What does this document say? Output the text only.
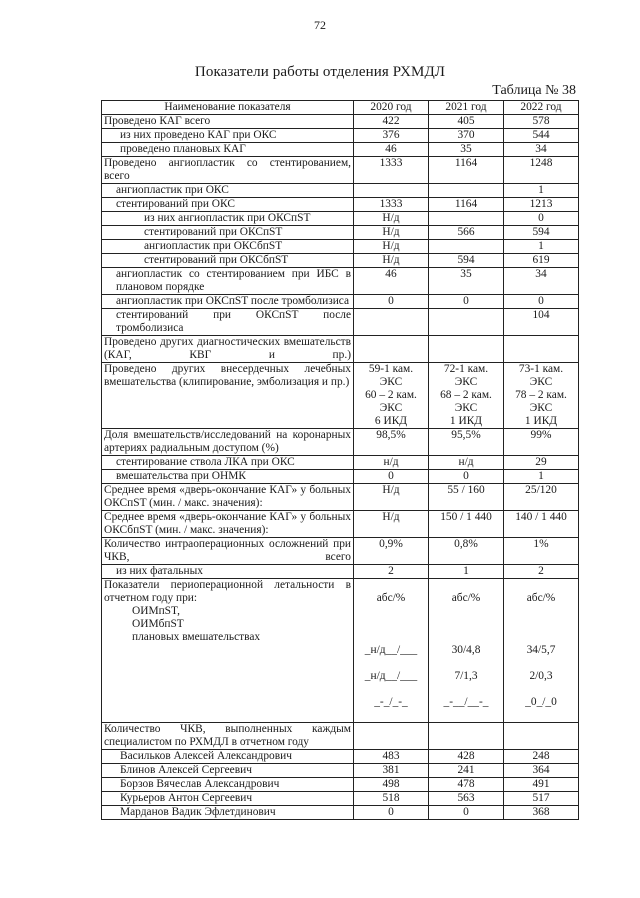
72
Показатели работы отделения РХМДЛ
Таблица № 38
Наименование показателя	2020 год	2021 год	2022 год
Проведено КАГ всего	422	405	578
из них проведено КАГ при ОКС	376	370	544
проведено плановых КАГ	46	35	34
Проведено ангиопластик со стентированием, всего	1333	1164	1248
ангиопластик при ОКС			1
стентирований при ОКС	1333	1164	1213
из них ангиопластик при ОКСпST	Н/д		0
стентирований при ОКСпST	Н/д	566	594
ангиопластик при ОКСбпST	Н/д		1
стентирований при ОКСбпST	Н/д	594	619
ангиопластик со стентированием при ИБС в плановом порядке	46	35	34
ангиопластик при ОКСпST после тромболизиса	0	0	0
стентирований при ОКСпST после тромболизиса			104
Проведено других диагностических вмешательств (КАГ, КВГ и пр.)			
Проведено других внесердечных лечебных вмешательства (клипирование, эмболизация и пр.)	59-1 кам.
ЭКС
60 – 2 кам.
ЭКС
6 ИКД	72-1 кам.
ЭКС
68 – 2 кам.
ЭКС
1 ИКД	73-1 кам.
ЭКС
78 – 2 кам.
ЭКС
1 ИКД
Доля вмешательств/исследований на коронарных артериях радиальным доступом (%)	98,5%	95,5%	99%
стентирование ствола ЛКА при ОКС	н/д	н/д	29
вмешательства при ОНМК	0	0	1
Среднее время «дверь-окончание КАГ» у больных ОКСпST (мин. / макс. значения):	Н/д	55 / 160	25/120
Среднее время «дверь-окончание КАГ» у больных ОКСбпST (мин. / макс. значения):	Н/д	150 / 1 440	140 / 1 440
Количество интраоперационных осложнений при ЧКВ, всего	0,9%	0,8%	1%
из них фатальных	2	1	2

Показатели периоперационной летальности в отчетном году при:
ОИМпST,
ОИМбпST
плановых вмешательствах	абс/%

_н/д__/___

_н/д__/___

_-_/_-_	абс/%

30/4,8

7/1,3

_-__/__-_	абс/%

34/5,7

2/0,3

_0_/_0

Количество ЧКВ, выполненных каждым специалистом по РХМДЛ в отчетном году			
Васильков Алексей Александрович	483	428	248
Блинов Алексей Сергеевич	381	241	364
Борзов Вячеслав Александрович	498	478	491
Курьеров Антон Сергеевич	518	563	517
Марданов Вадик Эфлетдинович	0	0	368
